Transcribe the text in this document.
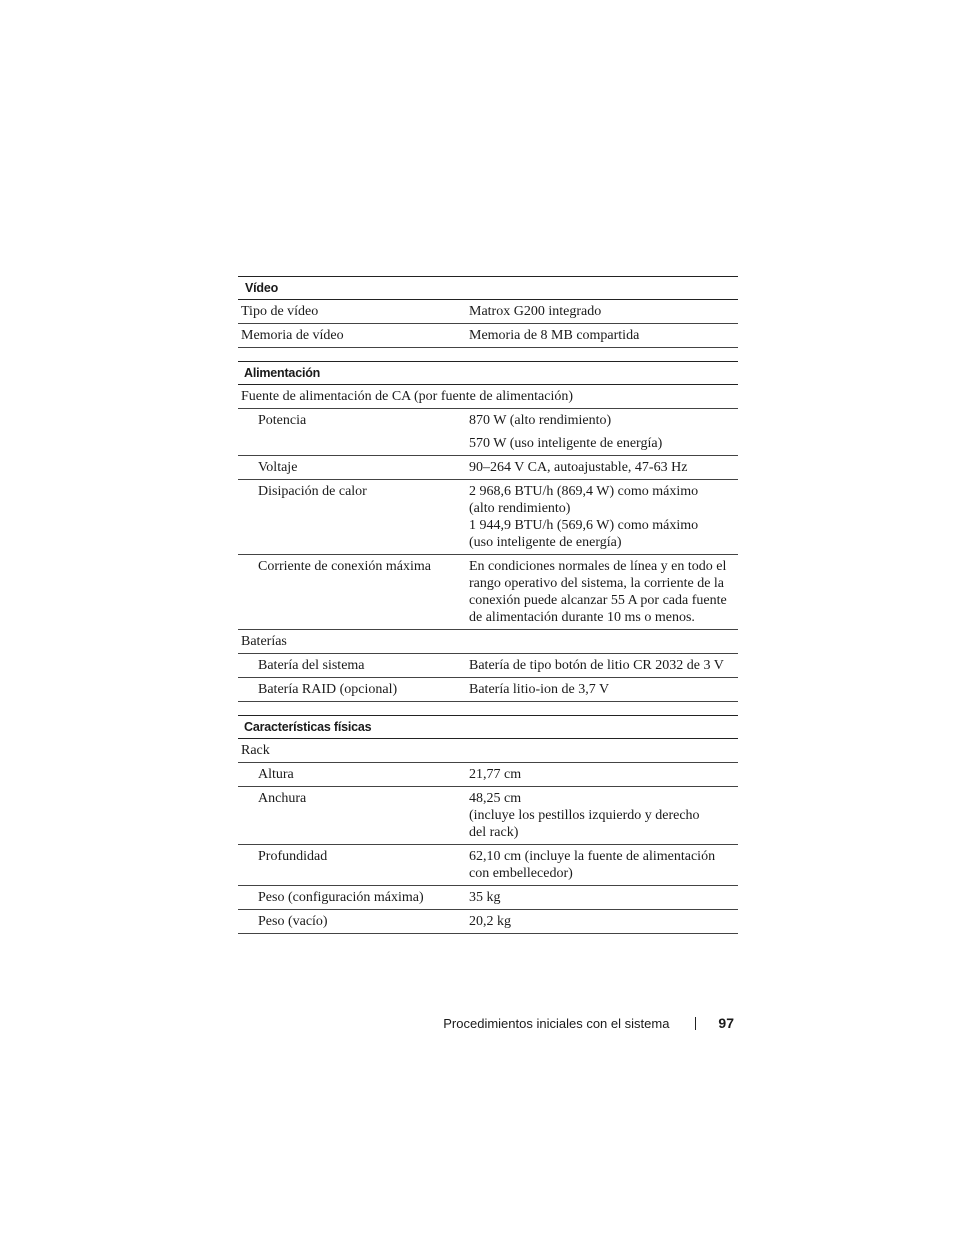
Vídeo
Tipo de vídeo	Matrox G200 integrado
Memoria de vídeo	Memoria de 8 MB compartida
Alimentación
Fuente de alimentación de CA (por fuente de alimentación)
Potencia	870 W (alto rendimiento)
570 W (uso inteligente de energía)
Voltaje	90–264 V CA, autoajustable, 47-63 Hz
Disipación de calor	2 968,6 BTU/h (869,4 W) como máximo
(alto rendimiento)
1 944,9 BTU/h (569,6 W) como máximo
(uso inteligente de energía)
Corriente de conexión máxima	En condiciones normales de línea y en todo el
rango operativo del sistema, la corriente de la
conexión puede alcanzar 55 A por cada fuente
de alimentación durante 10 ms o menos.
Baterías
Batería del sistema	Batería de tipo botón de litio CR 2032 de 3 V
Batería RAID (opcional)	Batería litio-ion de 3,7 V
Características físicas
Rack
Altura	21,77 cm
Anchura	48,25 cm
(incluye los pestillos izquierdo y derecho
del rack)
Profundidad	62,10 cm (incluye la fuente de alimentación
con embellecedor)
Peso (configuración máxima)	35 kg
Peso (vacío)	20,2 kg
Procedimientos iniciales con el sistema	97
